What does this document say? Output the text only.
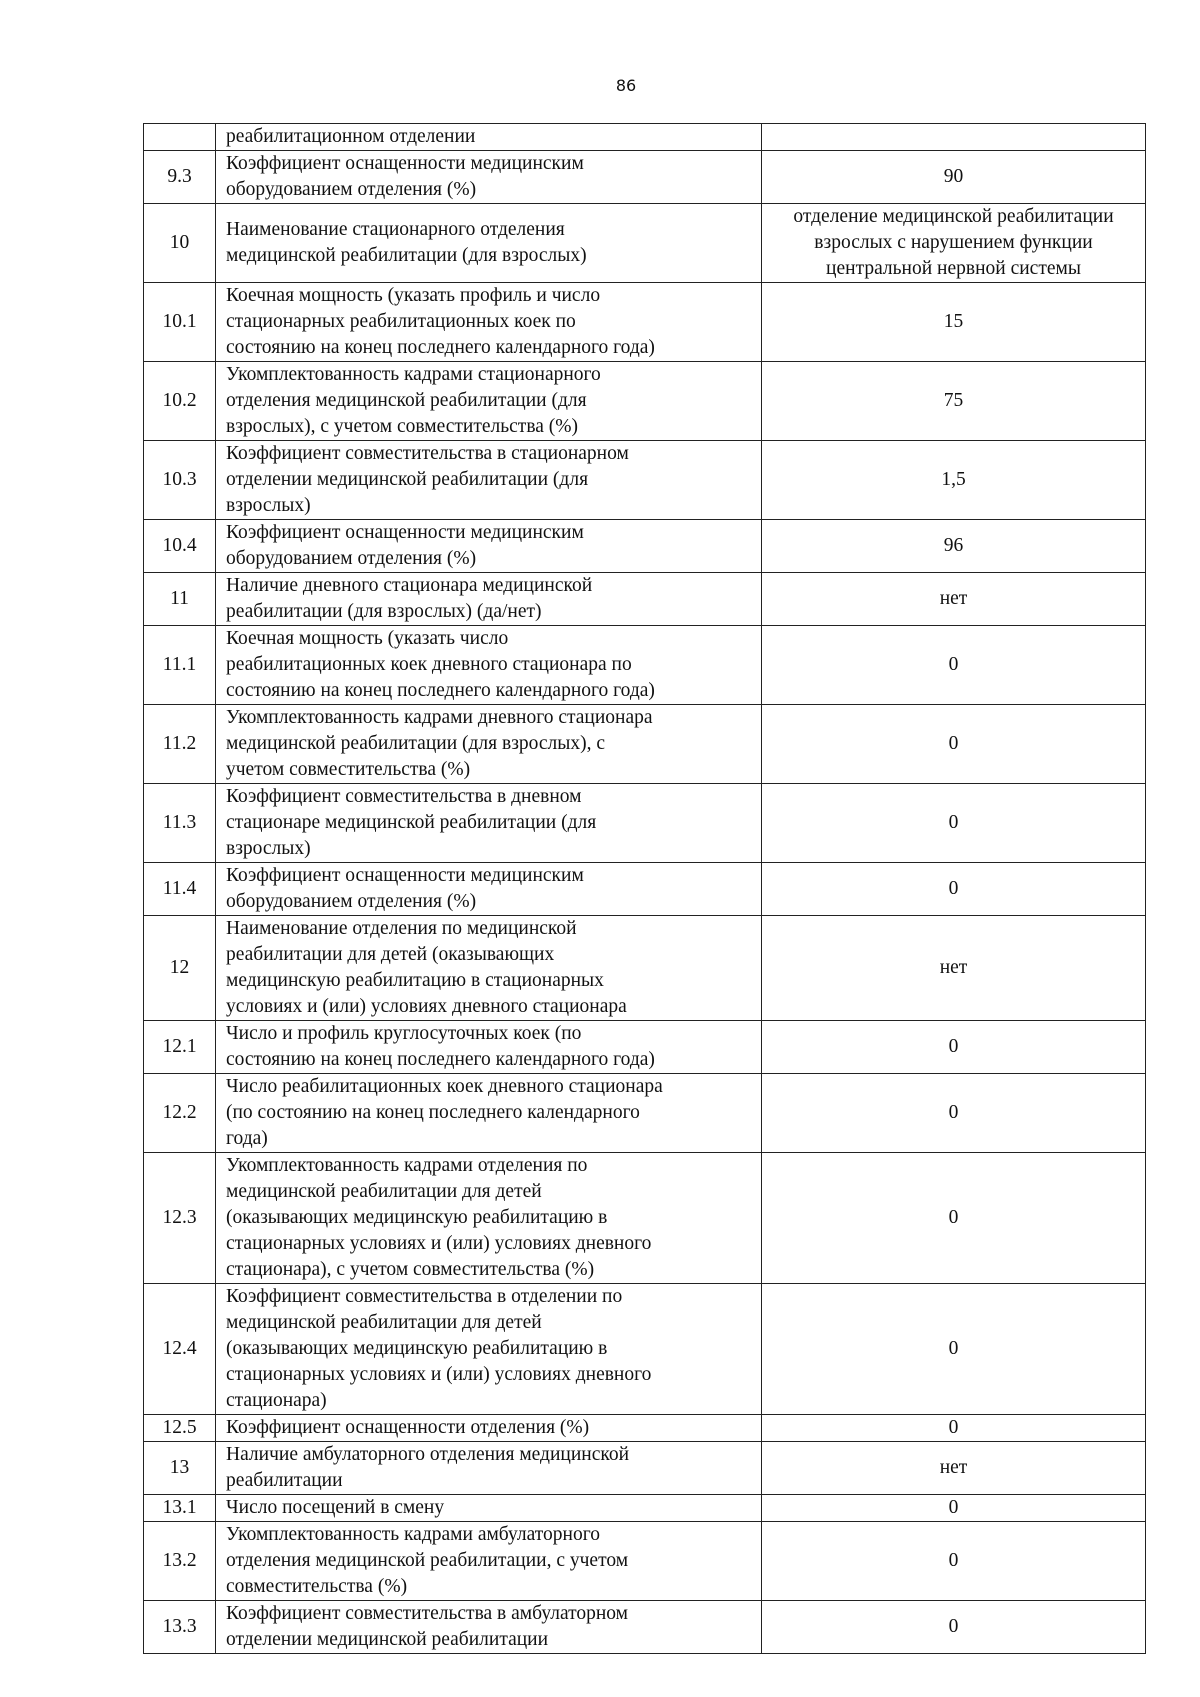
86

	реабилитационном отделении	

9.3	Коэффициент оснащенности медицинским
оборудованием отделения (%)	90

10	Наименование стационарного отделения
медицинской реабилитации (для взрослых)	отделение медицинской реабилитации
взрослых с нарушением функции
центральной нервной системы

10.1	Коечная мощность (указать профиль и число
стационарных реабилитационных коек по
состоянию на конец последнего календарного года)	15

10.2	Укомплектованность кадрами стационарного
отделения медицинской реабилитации (для
взрослых), с учетом совместительства (%)	75

10.3	Коэффициент совместительства в стационарном
отделении медицинской реабилитации (для
взрослых)	1,5

10.4	Коэффициент оснащенности медицинским
оборудованием отделения (%)	96

11	Наличие дневного стационара медицинской
реабилитации (для взрослых) (да/нет)	нет

11.1	Коечная мощность (указать число
реабилитационных коек дневного стационара по
состоянию на конец последнего календарного года)	0

11.2	Укомплектованность кадрами дневного стационара
медицинской реабилитации (для взрослых), с
учетом совместительства (%)	0

11.3	Коэффициент совместительства в дневном
стационаре медицинской реабилитации (для
взрослых)	0

11.4	Коэффициент оснащенности медицинским
оборудованием отделения (%)	0

12	Наименование отделения по медицинской
реабилитации для детей (оказывающих
медицинскую реабилитацию в стационарных
условиях и (или) условиях дневного стационара	нет

12.1	Число и профиль круглосуточных коек (по
состоянию на конец последнего календарного года)	0

12.2	Число реабилитационных коек дневного стационара
(по состоянию на конец последнего календарного
года)	0

12.3	Укомплектованность кадрами отделения по
медицинской реабилитации для детей
(оказывающих медицинскую реабилитацию в
стационарных условиях и (или) условиях дневного
стационара), с учетом совместительства (%)	0

12.4	Коэффициент совместительства в отделении по
медицинской реабилитации для детей
(оказывающих медицинскую реабилитацию в
стационарных условиях и (или) условиях дневного
стационара)	0

12.5	Коэффициент оснащенности отделения (%)	0

13	Наличие амбулаторного отделения медицинской
реабилитации	нет

13.1	Число посещений в смену	0

13.2	Укомплектованность кадрами амбулаторного
отделения медицинской реабилитации, с учетом
совместительства (%)	0

13.3	Коэффициент совместительства в амбулаторном
отделении медицинской реабилитации	0
